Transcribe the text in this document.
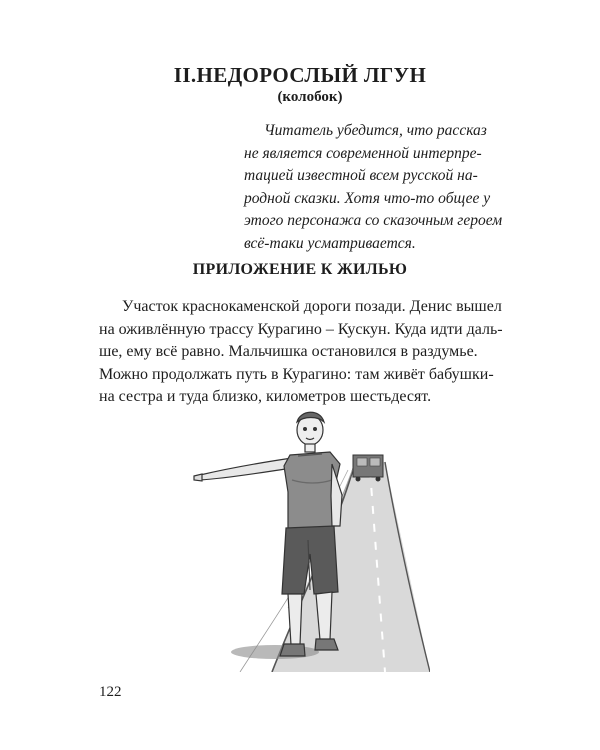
II.НЕДОРОСЛЫЙ ЛГУН
(колобок)
Читатель убедится, что рассказ
не является современной интерпре-
тацией известной всем русской на-
родной сказки. Хотя что-то общее у
этого персонажа со сказочным героем
всё-таки усматривается.
ПРИЛОЖЕНИЕ К ЖИЛЬЮ
Участок краснокаменской дороги позади. Денис вышел
на оживлённую трассу Курагино – Кускун. Куда идти даль-
ше, ему всё равно. Мальчишка остановился в раздумье.
Можно продолжать путь в Курагино: там живёт бабушки-
на сестра и туда близко, километров шестьдесят.
122
